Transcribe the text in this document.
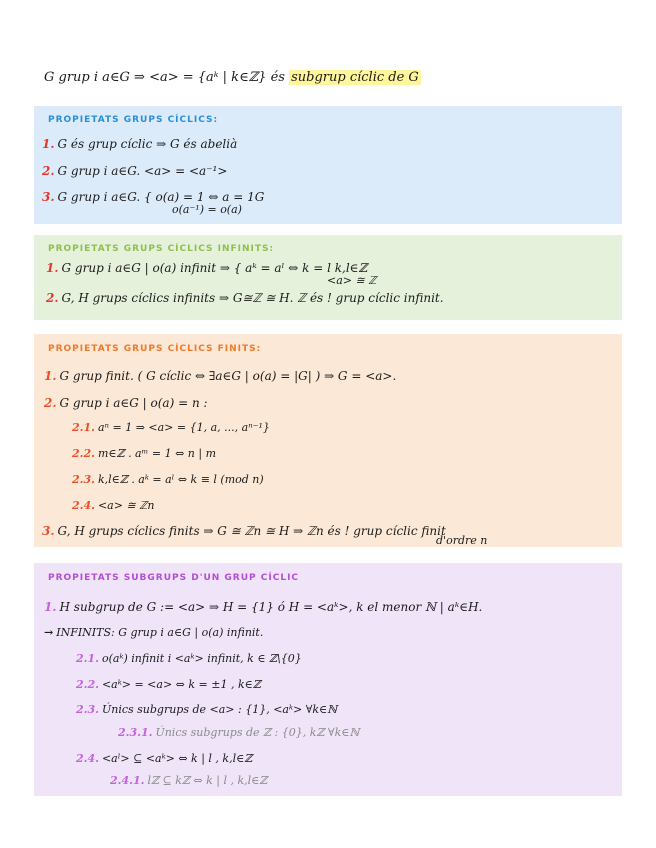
G grup i a∈G ⇒ <a> = {aᵏ | k∈ℤ} és subgrup cíclic de G
PROPIETATS GRUPS CÍCLICS:
1. G és grup cíclic ⇒ G és abelià
2. G grup i a∈G. <a> = <a⁻¹>
3. G grup i a∈G. { o(a) = 1 ⇔ a = 1G
o(a⁻¹) = o(a)
PROPIETATS GRUPS CÍCLICS INFINITS:
1. G grup i a∈G | o(a) infinit ⇒ { aᵏ = aˡ ⇔ k = l k,l∈ℤ
<a> ≅ ℤ
2. G, H grups cíclics infinits ⇒ G≅ℤ ≅ H. ℤ és ! grup cíclic infinit.
PROPIETATS GRUPS CÍCLICS FINITS:
1. G grup finit. ( G cíclic ⇔ ∃a∈G | o(a) = |G| ) ⇒ G = <a>.
2. G grup i a∈G | o(a) = n :
2.1. aⁿ = 1 ⇒ <a> = {1, a, ..., aⁿ⁻¹}
2.2. m∈ℤ . aᵐ = 1 ⇔ n | m
2.3. k,l∈ℤ . aᵏ = aˡ ⇔ k ≡ l (mod n)
2.4. <a> ≅ ℤn
3. G, H grups cíclics finits ⇒ G ≅ ℤn ≅ H ⇒ ℤn és ! grup cíclic finit
d'ordre n
PROPIETATS SUBGRUPS D'UN GRUP CÍCLIC
1. H subgrup de G := <a> ⇒ H = {1} ó H = <aᵏ>, k el menor ℕ | aᵏ∈H.
→ INFINITS: G grup i a∈G | o(a) infinit.
2.1. o(aᵏ) infinit i <aᵏ> infinit, k ∈ ℤ\{0}
2.2. <aᵏ> = <a> ⇔ k = ±1 , k∈ℤ
2.3. Únics subgrups de <a> : {1}, <aᵏ> ∀k∈ℕ
2.3.1. Únics subgrups de ℤ : {0}, kℤ ∀k∈ℕ
2.4. <aˡ> ⊆ <aᵏ> ⇔ k | l , k,l∈ℤ
2.4.1. lℤ ⊆ kℤ ⇔ k | l , k,l∈ℤ
